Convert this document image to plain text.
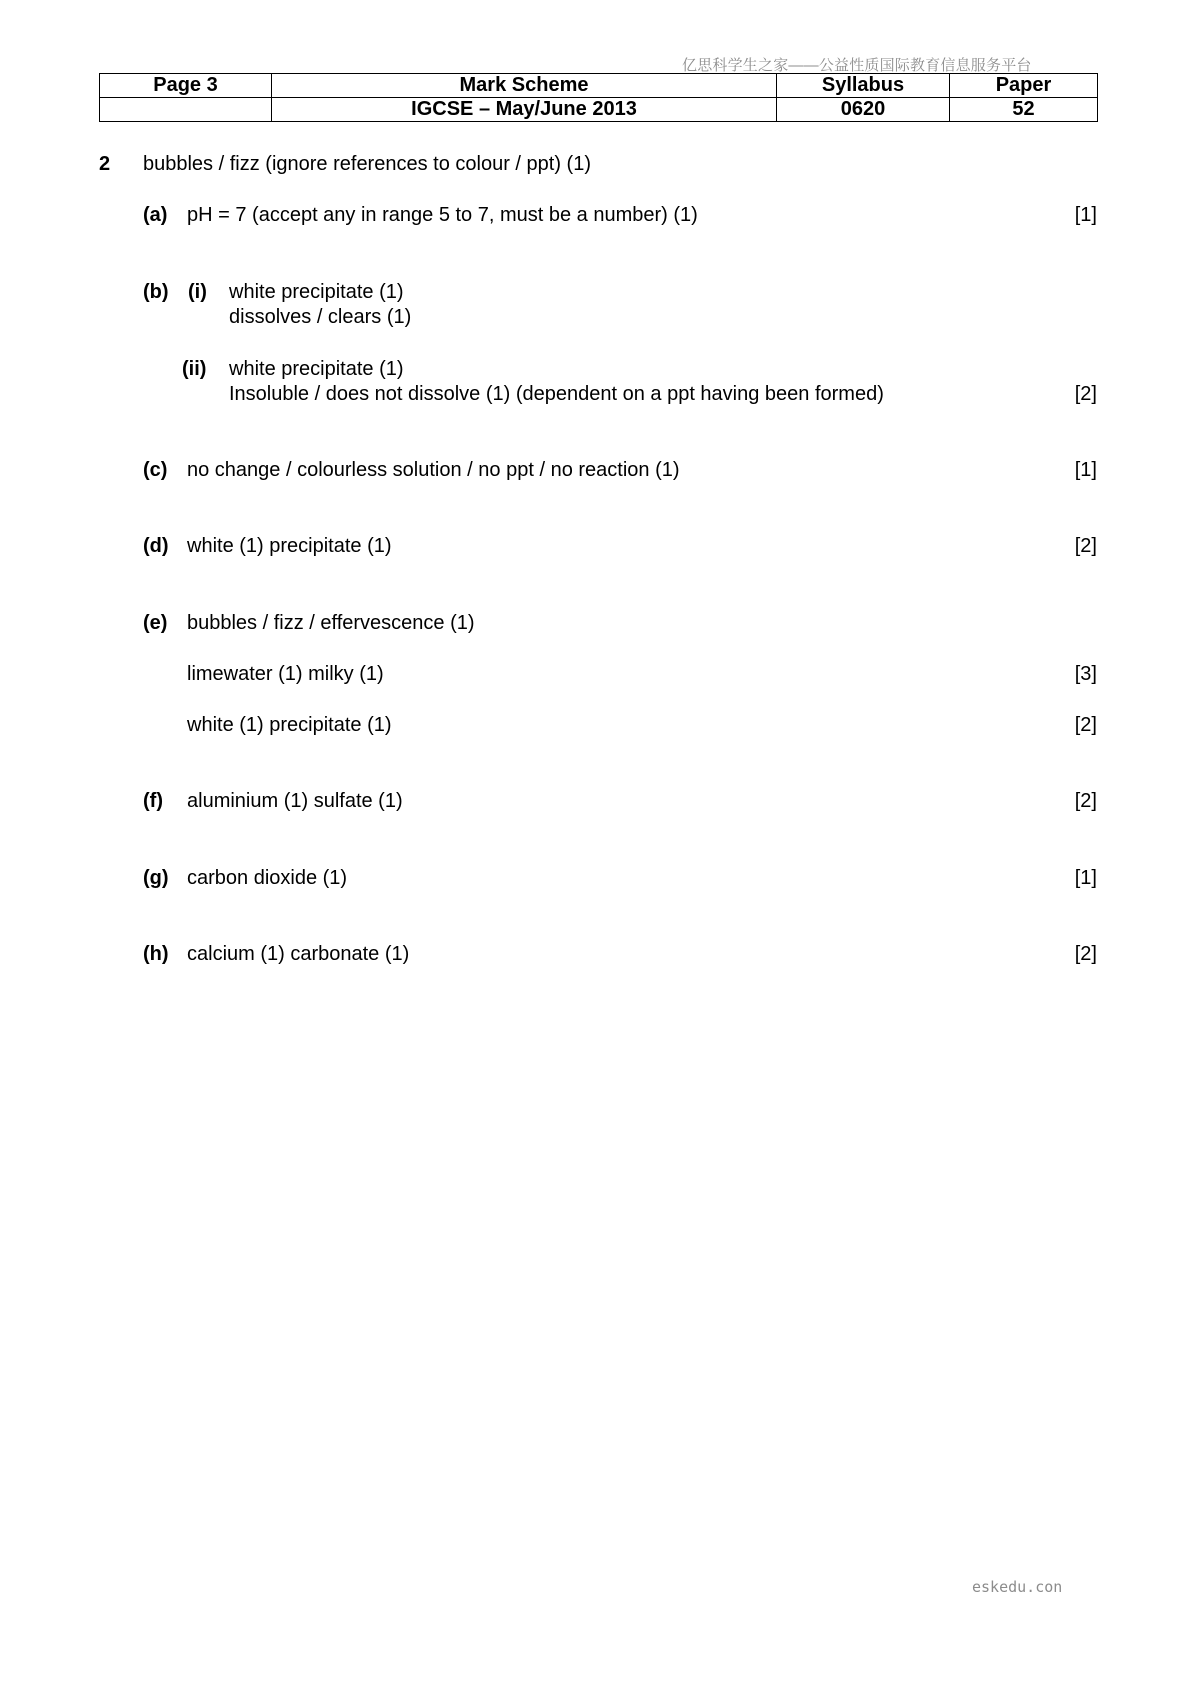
亿思科学生之家——公益性质国际教育信息服务平台
Page 3	Mark Scheme	Syllabus	Paper
	IGCSE – May/June 2013	0620	52
2 bubbles / fizz (ignore references to colour / ppt) (1)
(a) pH = 7 (accept any in range 5 to 7, must be a number) (1)	[1]
(b) (i) white precipitate (1)
dissolves / clears (1)
(ii) white precipitate (1)
Insoluble / does not dissolve (1) (dependent on a ppt having been formed)	[2]
(c) no change / colourless solution / no ppt / no reaction (1)	[1]
(d) white (1) precipitate (1)	[2]
(e) bubbles / fizz / effervescence (1)
limewater (1) milky (1)	[3]
white (1) precipitate (1)	[2]
(f) aluminium (1) sulfate (1)	[2]
(g) carbon dioxide (1)	[1]
(h) calcium (1) carbonate (1)	[2]
eskedu.con
